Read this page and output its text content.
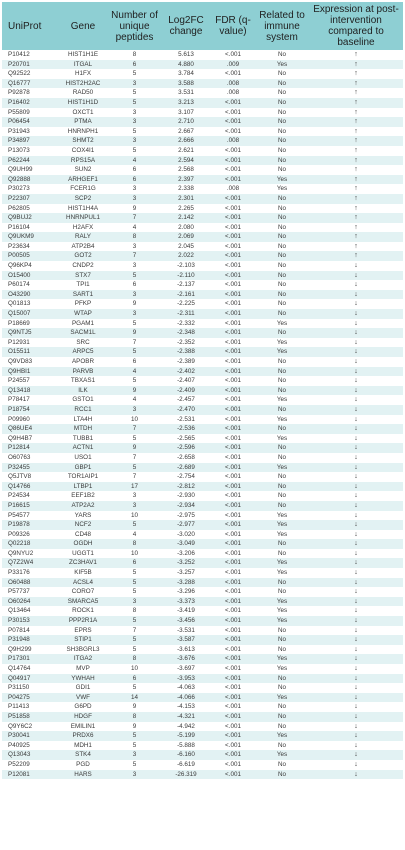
UniProt	Gene	Number of unique peptides	Log2FC change	FDR (q-value)	Related to immune system	Expression at post-intervention compared to baseline
P10412	HIST1H1E	8	5.613	<.001	No	↑
P20701	ITGAL	6	4.880	.009	Yes	↑
Q92522	H1FX	5	3.784	<.001	No	↑
Q16777	HIST2H2AC	3	3.588	.008	No	↑
P92878	RAD50	5	3.531	.008	No	↑
P16402	HIST1H1D	5	3.213	<.001	No	↑
P55809	OXCT1	3	3.107	<.001	No	↑
P06454	PTMA	3	2.710	<.001	No	↑
P31943	HNRNPH1	5	2.667	<.001	No	↑
P34897	SHMT2	3	2.666	.008	No	↑
P13073	COX4I1	5	2.621	<.001	No	↑
P62244	RPS15A	4	2.594	<.001	No	↑
Q9UH99	SUN2	6	2.568	<.001	No	↑
Q92888	ARHGEF1	6	2.397	<.001	Yes	↑
P30273	FCER1G	3	2.338	.008	Yes	↑
P22307	SCP2	3	2.301	<.001	No	↑
P62805	HIST1H4A	9	2.265	<.001	No	↑
Q9BUJ2	HNRNPUL1	7	2.142	<.001	No	↑
P16104	H2AFX	4	2.080	<.001	No	↑
Q9UKM9	RALY	8	2.069	<.001	No	↑
P23634	ATP2B4	3	2.045	<.001	No	↑
P00505	GOT2	7	2.022	<.001	No	↑
Q96KP4	CNDP2	3	-2.103	<.001	No	↓
O15400	STX7	5	-2.110	<.001	No	↓
P60174	TPI1	6	-2.137	<.001	No	↓
O43290	SART1	3	-2.161	<.001	No	↓
Q01813	PFKP	9	-2.225	<.001	No	↓
Q15007	WTAP	3	-2.311	<.001	No	↓
P18669	PGAM1	5	-2.332	<.001	Yes	↓
Q9NTJ5	SACM1L	9	-2.348	<.001	No	↓
P12931	SRC	7	-2.352	<.001	Yes	↓
O15511	ARPC5	5	-2.388	<.001	Yes	↓
Q9VD83	APOBR	6	-2.389	<.001	No	↓
Q9HBI1	PARVB	4	-2.402	<.001	No	↓
P24557	TBXAS1	5	-2.407	<.001	No	↓
Q13418	ILK	9	-2.409	<.001	No	↓
P78417	GSTO1	4	-2.457	<.001	Yes	↓
P18754	RCC1	3	-2.470	<.001	No	↓
P09960	LTA4H	10	-2.531	<.001	Yes	↓
Q86UE4	MTDH	7	-2.536	<.001	No	↓
Q9H4B7	TUBB1	5	-2.565	<.001	Yes	↓
P12814	ACTN1	9	-2.596	<.001	No	↓
O60763	USO1	7	-2.658	<.001	No	↓
P32455	GBP1	5	-2.689	<.001	Yes	↓
Q5JTV8	TOR1AIP1	7	-2.754	<.001	No	↓
Q14766	LTBP1	17	-2.812	<.001	No	↓
P24534	EEF1B2	3	-2.930	<.001	No	↓
P16615	ATP2A2	3	-2.934	<.001	No	↓
P54577	YARS	10	-2.975	<.001	Yes	↓
P19878	NCF2	5	-2.977	<.001	Yes	↓
P09326	CD48	4	-3.020	<.001	Yes	↓
Q02218	OGDH	8	-3.049	<.001	No	↓
Q9NYU2	UGGT1	10	-3.206	<.001	No	↓
Q7Z2W4	ZC3HAV1	6	-3.252	<.001	Yes	↓
P33176	KIF5B	5	-3.257	<.001	Yes	↓
O60488	ACSL4	5	-3.288	<.001	No	↓
P57737	CORO7	5	-3.296	<.001	No	↓
O60264	SMARCA5	3	-3.373	<.001	Yes	↓
Q13464	ROCK1	8	-3.419	<.001	Yes	↓
P30153	PPP2R1A	5	-3.456	<.001	Yes	↓
P07814	EPRS	7	-3.531	<.001	No	↓
P31948	STIP1	5	-3.587	<.001	No	↓
Q9H299	SH3BGRL3	5	-3.613	<.001	No	↓
P17301	ITGA2	8	-3.676	<.001	Yes	↓
Q14764	MVP	10	-3.697	<.001	Yes	↓
Q04917	YWHAH	6	-3.953	<.001	No	↓
P31150	GDI1	5	-4.063	<.001	No	↓
P04275	VWF	14	-4.066	<.001	Yes	↓
P11413	G6PD	9	-4.153	<.001	No	↓
P51858	HDGF	8	-4.321	<.001	No	↓
Q9Y6C2	EMILIN1	9	-4.942	<.001	No	↓
P30041	PRDX6	5	-5.199	<.001	Yes	↓
P40925	MDH1	5	-5.888	<.001	No	↓
Q13043	STK4	3	-6.160	<.001	Yes	↓
P52209	PGD	5	-6.619	<.001	No	↓
P12081	HARS	3	-26.319	<.001	No	↓
